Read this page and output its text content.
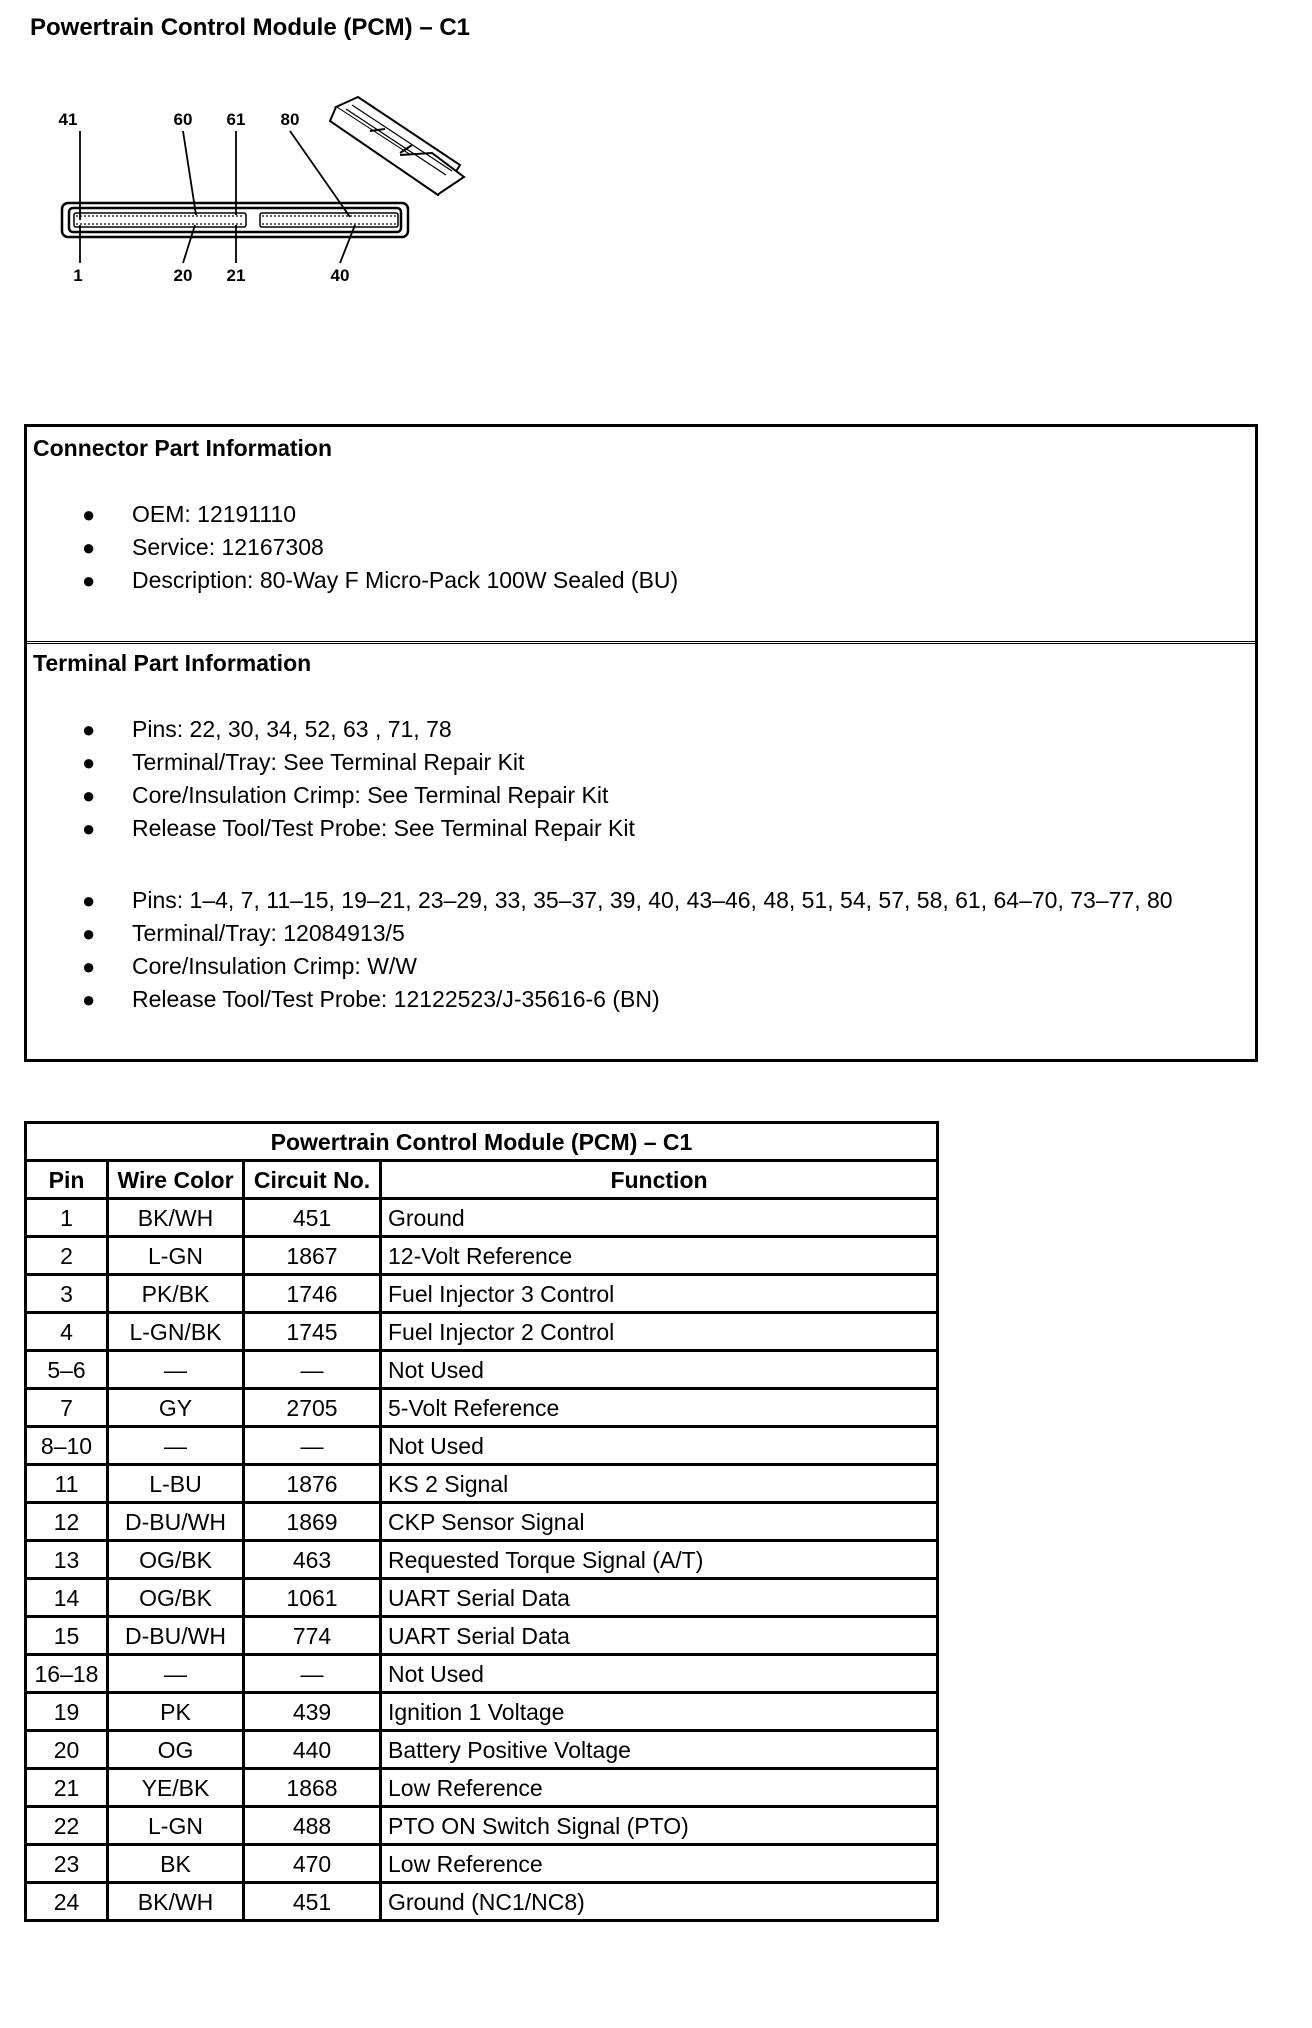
Powertrain Control Module (PCM) – C1
41	60 61 80
1	20 21	40
Connector Part Information
● OEM: 12191110
● Service: 12167308
● Description: 80-Way F Micro-Pack 100W Sealed (BU)
Terminal Part Information
● Pins: 22, 30, 34, 52, 63 , 71, 78
● Terminal/Tray: See Terminal Repair Kit
● Core/Insulation Crimp: See Terminal Repair Kit
● Release Tool/Test Probe: See Terminal Repair Kit
● Pins: 1–4, 7, 11–15, 19–21, 23–29, 33, 35–37, 39, 40, 43–46, 48, 51, 54, 57, 58, 61, 64–70, 73–77, 80
● Terminal/Tray: 12084913/5
● Core/Insulation Crimp: W/W
● Release Tool/Test Probe: 12122523/J-35616-6 (BN)
Powertrain Control Module (PCM) – C1			
Pin	Wire Color	Circuit No.	Function
1	BK/WH	451	Ground
2	L-GN	1867	12-Volt Reference
3	PK/BK	1746	Fuel Injector 3 Control
4	L-GN/BK	1745	Fuel Injector 2 Control
5–6	—	—	Not Used
7	GY	2705	5-Volt Reference
8–10	—	—	Not Used
11	L-BU	1876	KS 2 Signal
12	D-BU/WH	1869	CKP Sensor Signal
13	OG/BK	463	Requested Torque Signal (A/T)
14	OG/BK	1061	UART Serial Data
15	D-BU/WH	774	UART Serial Data
16–18	—	—	Not Used
19	PK	439	Ignition 1 Voltage
20	OG	440	Battery Positive Voltage
21	YE/BK	1868	Low Reference
22	L-GN	488	PTO ON Switch Signal (PTO)
23	BK	470	Low Reference
24	BK/WH	451	Ground (NC1/NC8)
